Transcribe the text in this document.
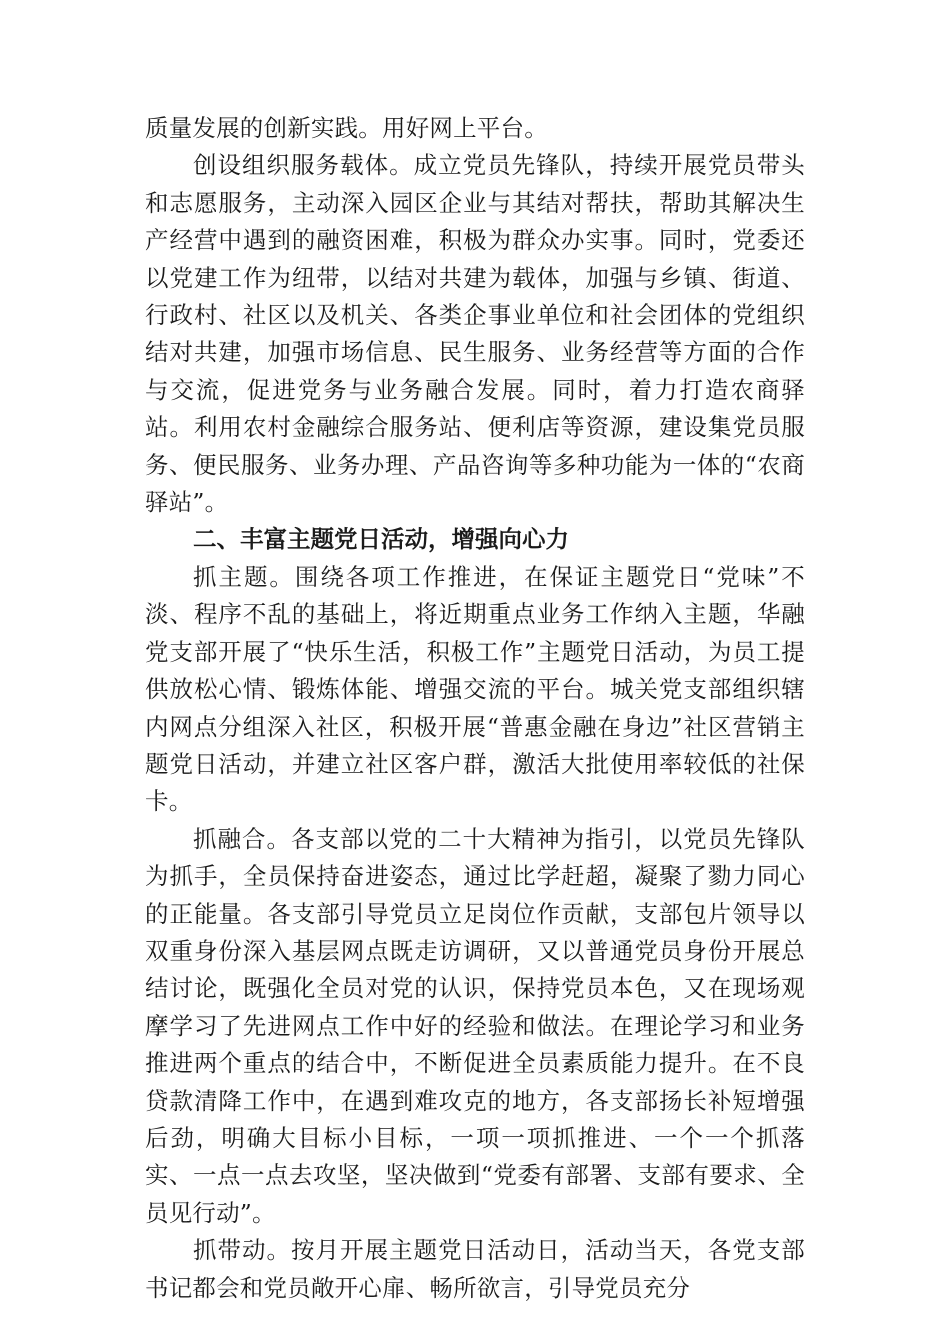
质量发展的创新实践。用好网上平台。

创设组织服务载体。成立党员先锋队，持续开展党员带头和志愿服务，主动深入园区企业与其结对帮扶，帮助其解决生产经营中遇到的融资困难，积极为群众办实事。同时，党委还以党建工作为纽带，以结对共建为载体，加强与乡镇、街道、行政村、社区以及机关、各类企事业单位和社会团体的党组织结对共建，加强市场信息、民生服务、业务经营等方面的合作与交流，促进党务与业务融合发展。同时，着力打造农商驿站。利用农村金融综合服务站、便利店等资源，建设集党员服务、便民服务、业务办理、产品咨询等多种功能为一体的“农商驿站”。

二、丰富主题党日活动，增强向心力

抓主题。围绕各项工作推进，在保证主题党日“党味”不淡、程序不乱的基础上，将近期重点业务工作纳入主题，华融党支部开展了“快乐生活，积极工作”主题党日活动，为员工提供放松心情、锻炼体能、增强交流的平台。城关党支部组织辖内网点分组深入社区，积极开展“普惠金融在身边”社区营销主题党日活动，并建立社区客户群，激活大批使用率较低的社保卡。

抓融合。各支部以党的二十大精神为指引，以党员先锋队为抓手，全员保持奋进姿态，通过比学赶超，凝聚了勠力同心的正能量。各支部引导党员立足岗位作贡献，支部包片领导以双重身份深入基层网点既走访调研，又以普通党员身份开展总结讨论，既强化全员对党的认识，保持党员本色，又在现场观摩学习了先进网点工作中好的经验和做法。在理论学习和业务推进两个重点的结合中，不断促进全员素质能力提升。在不良贷款清降工作中，在遇到难攻克的地方，各支部扬长补短增强后劲，明确大目标小目标，一项一项抓推进、一个一个抓落实、一点一点去攻坚，坚决做到“党委有部署、支部有要求、全员见行动”。

抓带动。按月开展主题党日活动日，活动当天，各党支部书记都会和党员敞开心扉、畅所欲言，引导党员充分
